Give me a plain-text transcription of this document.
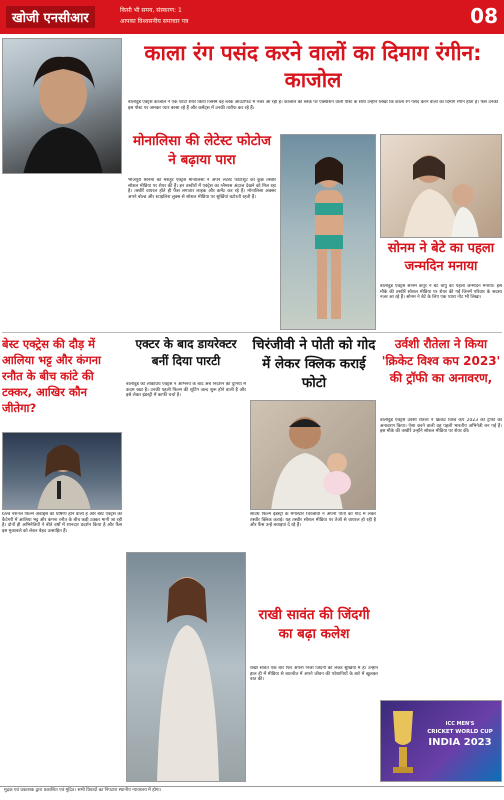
खोजी एनसीआर
किसी भी समय, संस्करण: 1
आपका विश्वसनीय समाचार पत्र	08
काला रंग पसंद करने वालों का दिमाग रंगीन: काजोल
बॉलीवुड एक्ट्रेस काजोल ने एक फोटो शेयर किया जिसमें वह ब्लैक आउटफिट में नजर आ रही हैं। काजोल की ब्लैक पर एक्स्प्रेशन वाली पोस्ट के साथ उन्होंने लिखा कि काला रंग पसंद करने वालों का दिमाग रंगीन होता है। फैंस उनकी इस पोस्ट पर जमकर प्यार बरसा रहे हैं और कमेंट्स में उनकी तारीफ कर रहे हैं।
मोनालिसा की लेटेस्ट फोटोज ने बढ़ाया पारा
भोजपुरी सिनेमा की मशहूर एक्ट्रेस मोनालिसा ने अपने लेटेस्ट फोटोशूट की कुछ तस्वीरें सोशल मीडिया पर शेयर की हैं। इन तस्वीरों में एक्ट्रेस का ग्लैमरस अंदाज देखने को मिल रहा है। तस्वीरें वायरल होते ही फैंस लगातार लाइक और कमेंट कर रहे हैं। मोनालिसा अक्सर अपने बोल्ड और स्टाइलिश लुक्स से सोशल मीडिया पर सुर्खियां बटोरती रहती हैं।
सोनम ने बेटे का पहला जन्मदिन मनाया
बॉलीवुड एक्ट्रेस सोनम कपूर ने बेटे वायु का पहला जन्मदिन मनाया। इस मौके की तस्वीरें सोशल मीडिया पर शेयर की गईं जिनमें परिवार के सदस्य नजर आ रहे हैं। सोनम ने बेटे के लिए एक प्यारा नोट भी लिखा।
बेस्ट एक्ट्रेस की दौड़ में आलिया भट्ट और कंगना रनौत के बीच कांटे की टक्कर, आखिर कौन जीतेगा?
69वें नेशनल फिल्म अवार्ड्स की घोषणा होने वाली है और बेस्ट एक्ट्रेस की कैटेगरी में आलिया भट्ट और कंगना रनौत के बीच कड़ी टक्कर मानी जा रही है। दोनों ही अभिनेत्रियों ने बीते वर्षों में शानदार प्रदर्शन किया है और फैंस इस मुकाबले को लेकर बेहद उत्साहित हैं।
एक्टर के बाद डायरेक्टर बनीं दिया पारटी
बॉलीवुड की लोकप्रिय एक्ट्रेस ने अभिनय के बाद अब निर्देशन की दुनिया में कदम रखा है। उनकी पहली फिल्म की शूटिंग जल्द शुरू होने वाली है और इसे लेकर इंडस्ट्री में काफी चर्चा है।
चिरंजीवी ने पोती को गोद में लेकर क्लिक कराई फोटो
साउथ फिल्म इंडस्ट्री के मेगास्टार चिरंजीवी ने अपनी पोती को गोद में लेकर तस्वीर क्लिक कराई। यह तस्वीर सोशल मीडिया पर तेजी से वायरल हो रही है और फैंस उन्हें बधाइयां दे रहे हैं।
उर्वशी रौतेला ने किया 'क्रिकेट विश्व कप 2023' की ट्रॉफी का अनावरण,
बॉलीवुड एक्ट्रेस उर्वशी रौतेला ने क्रिकेट विश्व कप 2023 की ट्रॉफी का अनावरण किया। ऐसा करने वाली वह पहली भारतीय अभिनेत्री बन गई हैं। इस मौके की तस्वीरें उन्होंने सोशल मीडिया पर शेयर कीं।
ICC MEN'S
CRICKET WORLD CUP
INDIA 2023
राखी सावंत की जिंदगी का बढ़ा कलेश
राखी सावंत एक बार फिर अपनी निजी जिंदगी को लेकर सुर्खियों में हैं। उन्होंने हाल ही में मीडिया से बातचीत में अपने जीवन की परेशानियों के बारे में खुलकर बात की।
मुद्रक एवं प्रकाशक द्वारा प्रकाशित एवं मुद्रित। सभी विवादों का निपटारा स्थानीय न्यायालय में होगा।
